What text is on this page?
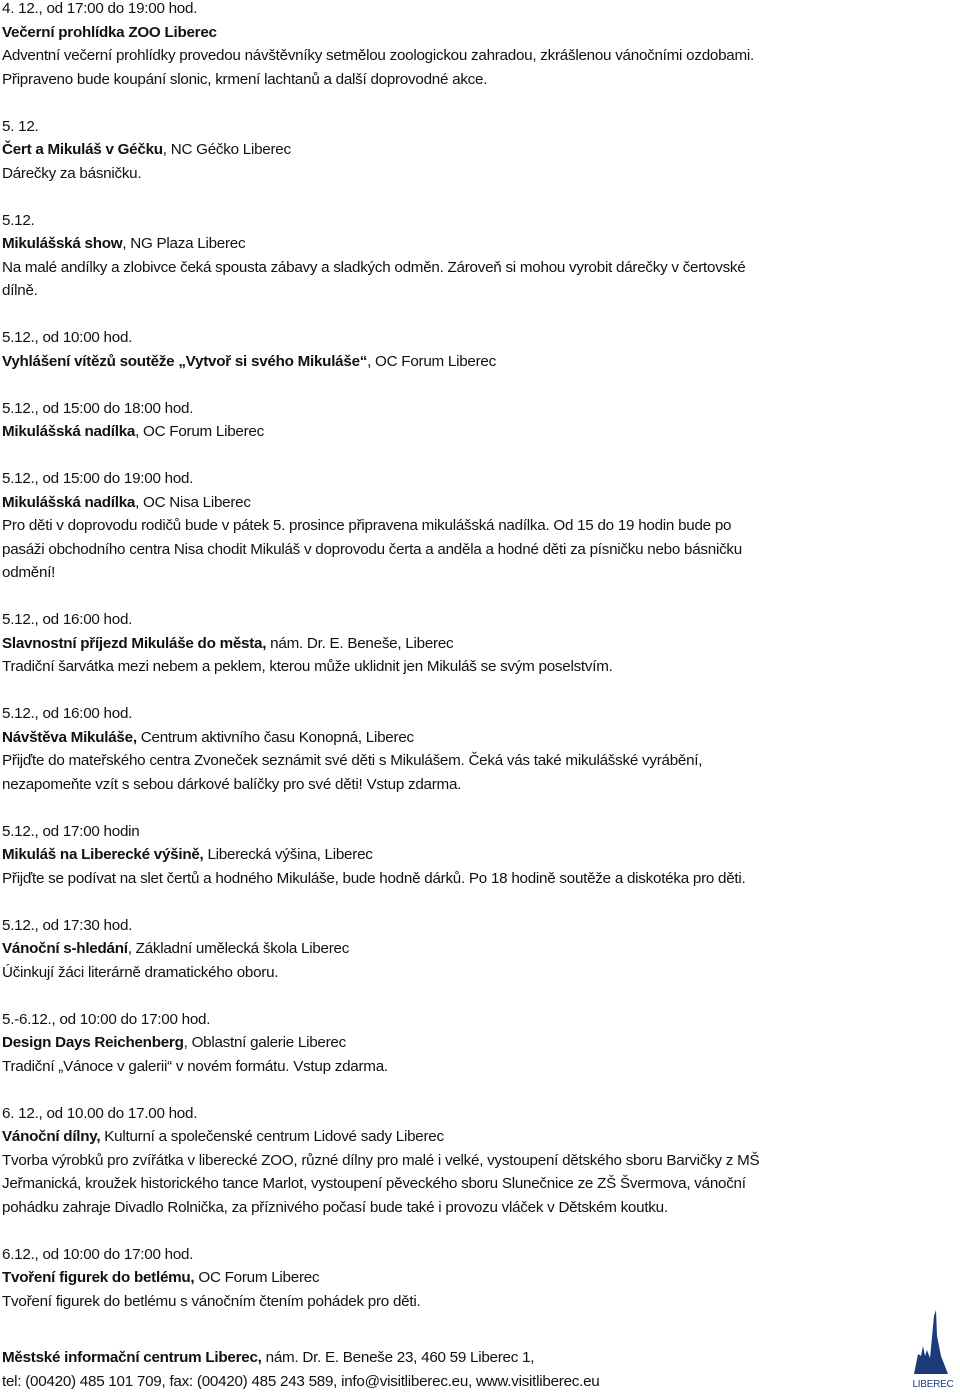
4. 12., od 17:00 do 19:00 hod.
Večerní prohlídka ZOO Liberec
Adventní večerní prohlídky provedou návštěvníky setmělou zoologickou zahradou, zkrášlenou vánočními ozdobami.
Připraveno bude koupání slonic, krmení lachtanů a další doprovodné akce.
5. 12.
Čert a Mikuláš v Géčku, NC Géčko Liberec
Dárečky za básničku.
5.12.
Mikulášská show, NG Plaza Liberec
Na malé andílky a zlobivce čeká spousta zábavy a sladkých odměn. Zároveň si mohou vyrobit dárečky v čertovské
dílně.
5.12., od 10:00 hod.
Vyhlášení vítězů soutěže „Vytvoř si svého Mikuláše“, OC Forum Liberec
5.12., od 15:00 do 18:00 hod.
Mikulášská nadílka, OC Forum Liberec
5.12., od 15:00 do 19:00 hod.
Mikulášská nadílka, OC Nisa Liberec
Pro děti v doprovodu rodičů bude v pátek 5. prosince připravena mikulášská nadílka. Od 15 do 19 hodin bude po
pasáži obchodního centra Nisa chodit Mikuláš v doprovodu čerta a anděla a hodné děti za písničku nebo básničku
odmění!
5.12., od 16:00 hod.
Slavnostní příjezd Mikuláše do města, nám. Dr. E. Beneše, Liberec
Tradiční šarvátka mezi nebem a peklem, kterou může uklidnit jen Mikuláš se svým poselstvím.
5.12., od 16:00 hod.
Návštěva Mikuláše, Centrum aktivního času Konopná, Liberec
Přijďte do mateřského centra Zvoneček seznámit své děti s Mikulášem. Čeká vás také mikulášské vyrábění,
nezapomeňte vzít s sebou dárkové balíčky pro své děti! Vstup zdarma.
5.12., od 17:00 hodin
Mikuláš na Liberecké výšině, Liberecká výšina, Liberec
Přijďte se podívat na slet čertů a hodného Mikuláše, bude hodně dárků. Po 18 hodině soutěže a diskotéka pro děti.
5.12., od 17:30 hod.
Vánoční s-hledání, Základní umělecká škola Liberec
Účinkují žáci literárně dramatického oboru.
5.-6.12., od 10:00 do 17:00 hod.
Design Days Reichenberg, Oblastní galerie Liberec
Tradiční „Vánoce v galerii“ v novém formátu. Vstup zdarma.
6. 12., od 10.00 do 17.00 hod.
Vánoční dílny, Kulturní a společenské centrum Lidové sady Liberec
Tvorba výrobků pro zvířátka v liberecké ZOO, různé dílny pro malé i velké, vystoupení dětského sboru Barvičky z MŠ
Jeřmanická, kroužek historického tance Marlot, vystoupení pěveckého sboru Slunečnice ze ZŠ Švermova, vánoční
pohádku zahraje Divadlo Rolnička, za příznivého počasí bude také i provozu vláček v Dětském koutku.
6.12., od 10:00 do 17:00 hod.
Tvoření figurek do betlému, OC Forum Liberec
Tvoření figurek do betlému s vánočním čtením pohádek pro děti.
Městské informační centrum Liberec, nám. Dr. E. Beneše 23, 460 59 Liberec 1,
tel: (00420) 485 101 709, fax: (00420) 485 243 589, info@visitliberec.eu, www.visitliberec.eu	LIBEREC
